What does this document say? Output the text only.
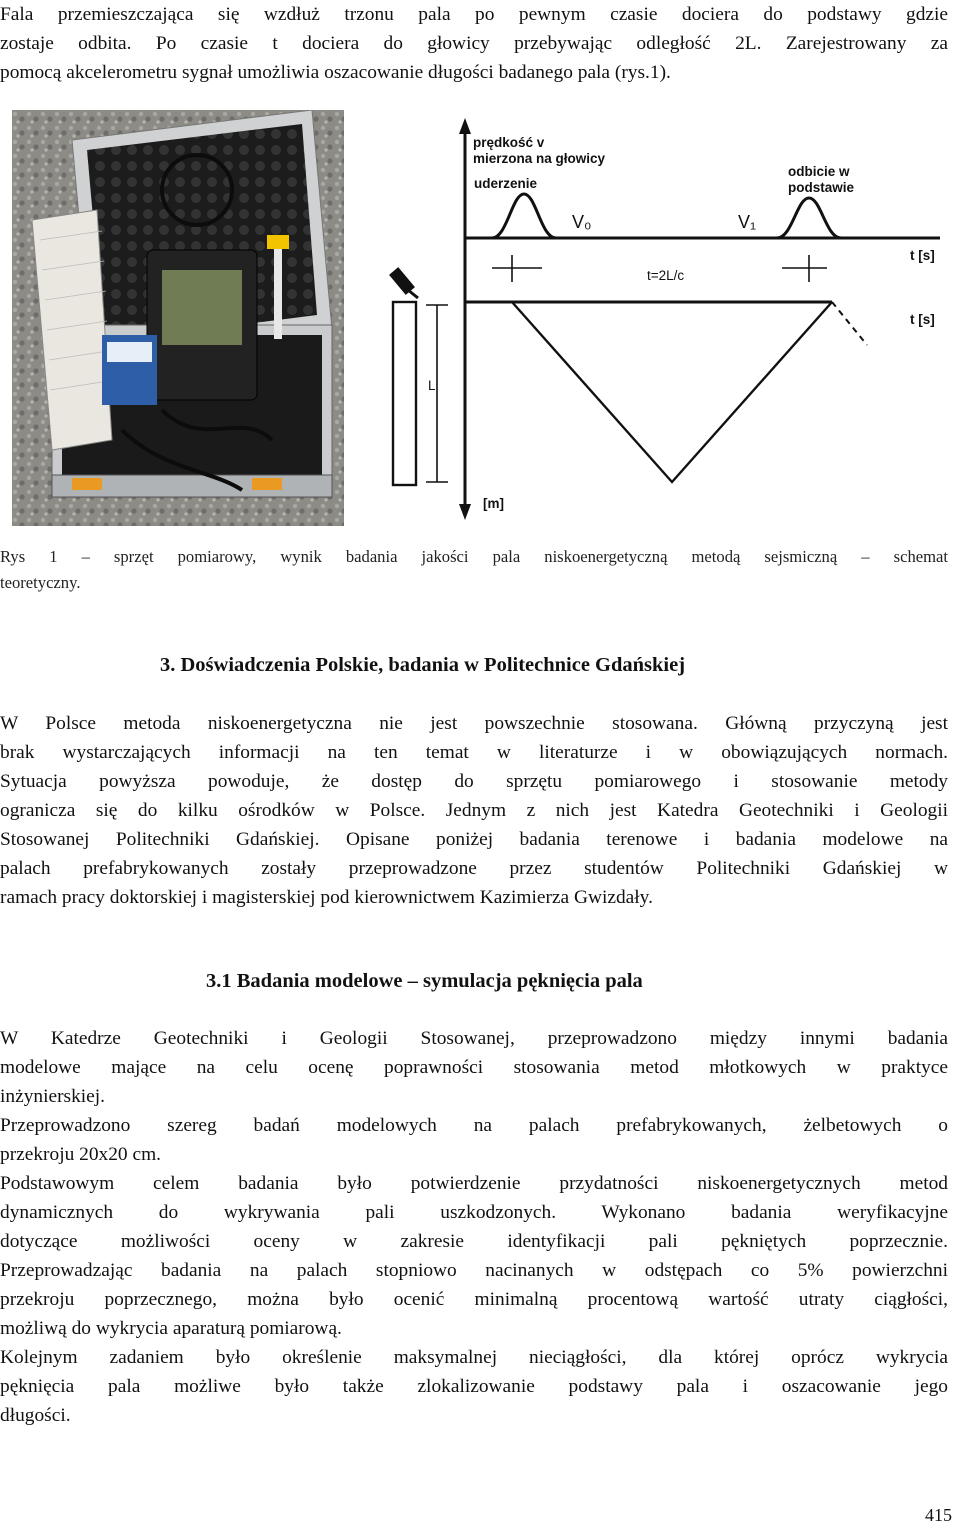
Fala przemieszczająca się wzdłuż trzonu pala po pewnym czasie dociera do podstawy gdzie
zostaje odbita. Po czasie t dociera do głowicy przebywając odległość 2L. Zarejestrowany za
pomocą akcelerometru sygnał umożliwia oszacowanie długości badanego pala (rys.1).
prędkość v
mierzona na głowicy
uderzenie
odbicie w
podstawie
V₀	V₁
t [s]
t=2L/c
L
t [s]
[m]
Rys 1 – sprzęt pomiarowy, wynik badania jakości pala niskoenergetyczną metodą sejsmiczną – schemat
teoretyczny.
3. Doświadczenia Polskie, badania w Politechnice Gdańskiej
W Polsce metoda niskoenergetyczna nie jest powszechnie stosowana. Główną przyczyną jest
brak wystarczających informacji na ten temat w literaturze i w obowiązujących normach.
Sytuacja powyższa powoduje, że dostęp do sprzętu pomiarowego i stosowanie metody
ogranicza się do kilku ośrodków w Polsce. Jednym z nich jest Katedra Geotechniki i Geologii
Stosowanej Politechniki Gdańskiej. Opisane poniżej badania terenowe i badania modelowe na
palach prefabrykowanych zostały przeprowadzone przez studentów Politechniki Gdańskiej w
ramach pracy doktorskiej i magisterskiej pod kierownictwem Kazimierza Gwizdały.
3.1 Badania modelowe – symulacja pęknięcia pala
W Katedrze Geotechniki i Geologii Stosowanej, przeprowadzono między innymi badania
modelowe mające na celu ocenę poprawności stosowania metod młotkowych w praktyce
inżynierskiej.
Przeprowadzono szereg badań modelowych na palach prefabrykowanych, żelbetowych o
przekroju 20x20 cm.
Podstawowym celem badania było potwierdzenie przydatności niskoenergetycznych metod
dynamicznych do wykrywania pali uszkodzonych. Wykonano badania weryfikacyjne
dotyczące możliwości oceny w zakresie identyfikacji pali pękniętych poprzecznie.
Przeprowadzając badania na palach stopniowo nacinanych w odstępach co 5% powierzchni
przekroju poprzecznego, można było ocenić minimalną procentową wartość utraty ciągłości,
możliwą do wykrycia aparaturą pomiarową.
Kolejnym zadaniem było określenie maksymalnej nieciągłości, dla której oprócz wykrycia
pęknięcia pala możliwe było także zlokalizowanie podstawy pala i oszacowanie jego
długości.
415
